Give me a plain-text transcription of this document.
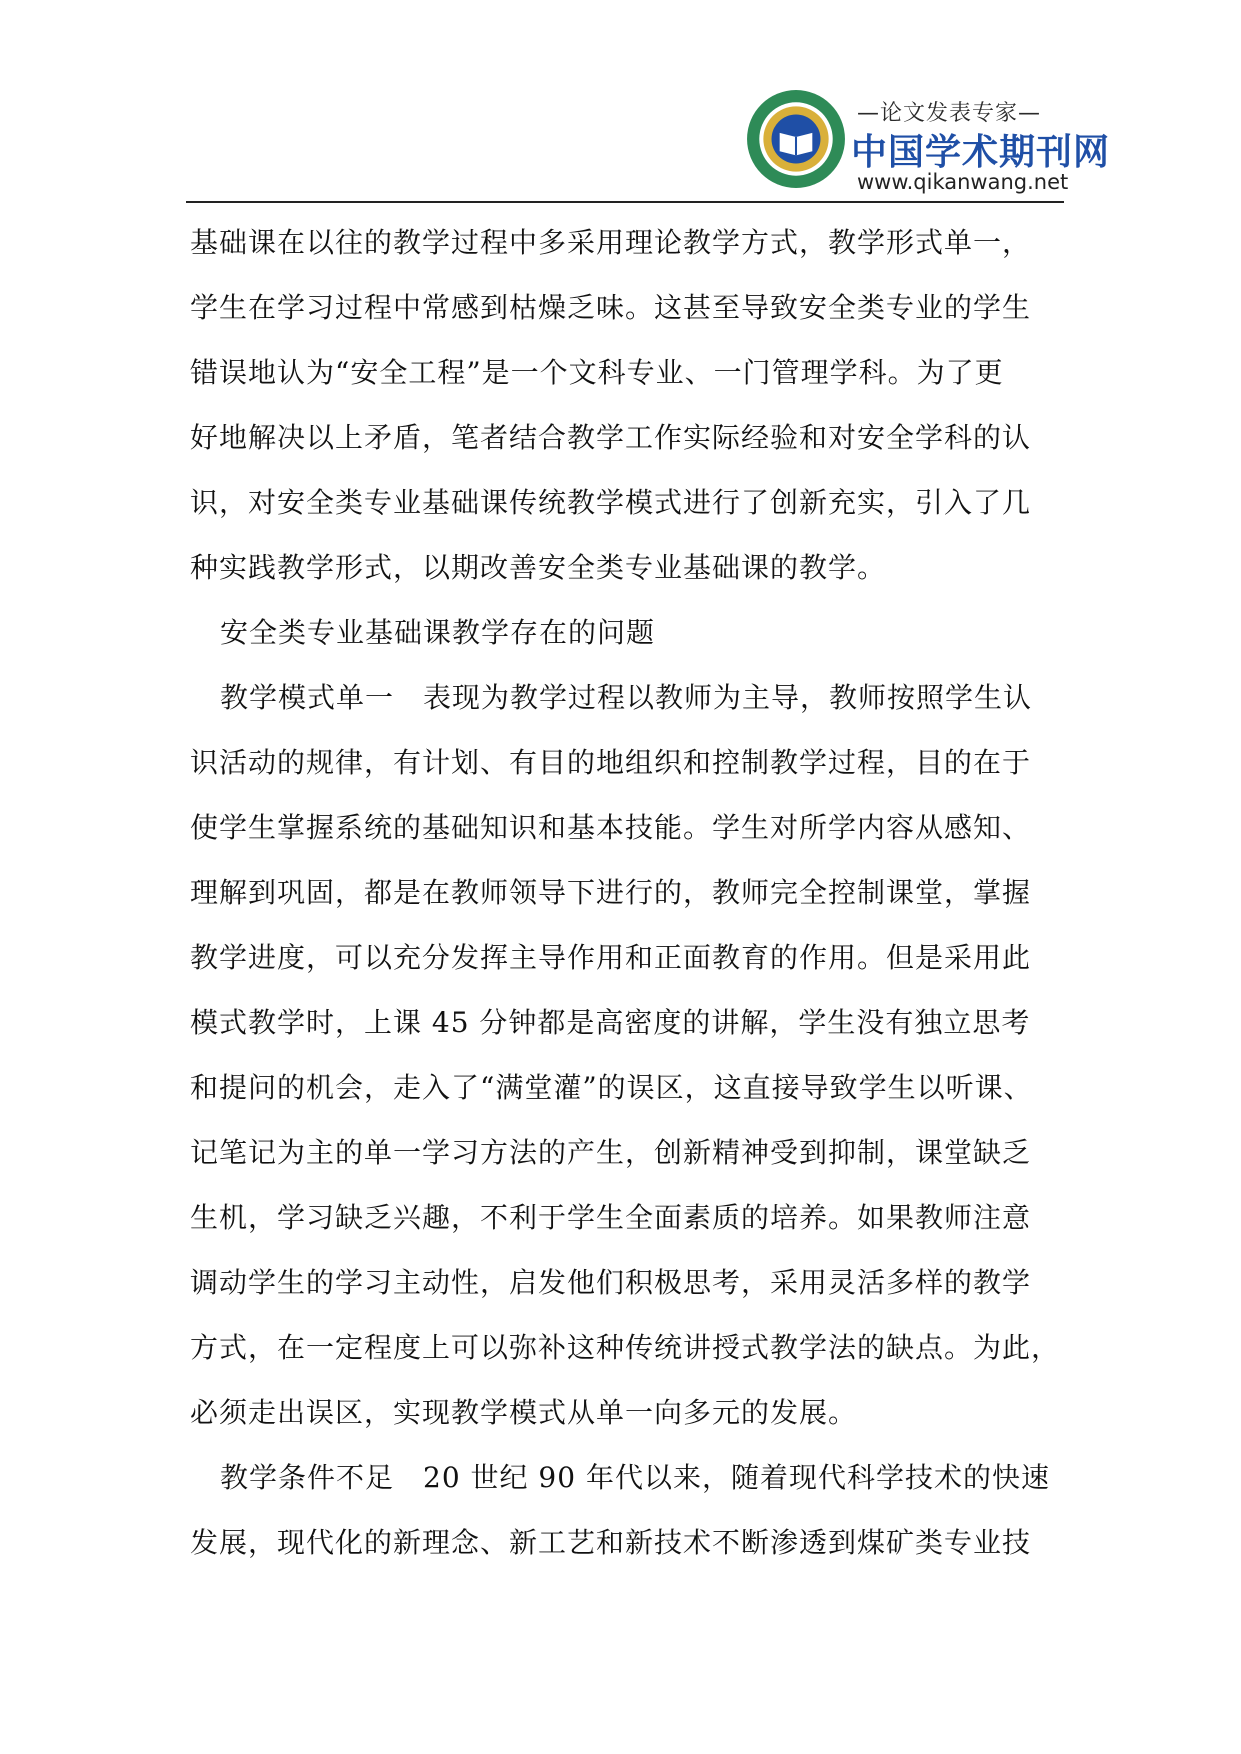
—论文发表专家—
中国学术期刊网
www.qikanwang.net
基础课在以往的教学过程中多采用理论教学方式，教学形式单一，
学生在学习过程中常感到枯燥乏味。这甚至导致安全类专业的学生
错误地认为“安全工程”是一个文科专业、一门管理学科。为了更
好地解决以上矛盾，笔者结合教学工作实际经验和对安全学科的认
识，对安全类专业基础课传统教学模式进行了创新充实，引入了几
种实践教学形式，以期改善安全类专业基础课的教学。
安全类专业基础课教学存在的问题
教学模式单一　表现为教学过程以教师为主导，教师按照学生认
识活动的规律，有计划、有目的地组织和控制教学过程，目的在于
使学生掌握系统的基础知识和基本技能。学生对所学内容从感知、
理解到巩固，都是在教师领导下进行的，教师完全控制课堂，掌握
教学进度，可以充分发挥主导作用和正面教育的作用。但是采用此
模式教学时，上课 45 分钟都是高密度的讲解，学生没有独立思考
和提问的机会，走入了“满堂灌”的误区，这直接导致学生以听课、
记笔记为主的单一学习方法的产生，创新精神受到抑制，课堂缺乏
生机，学习缺乏兴趣，不利于学生全面素质的培养。如果教师注意
调动学生的学习主动性，启发他们积极思考，采用灵活多样的教学
方式，在一定程度上可以弥补这种传统讲授式教学法的缺点。为此，
必须走出误区，实现教学模式从单一向多元的发展。
教学条件不足　20 世纪 90 年代以来，随着现代科学技术的快速
发展，现代化的新理念、新工艺和新技术不断渗透到煤矿类专业技
